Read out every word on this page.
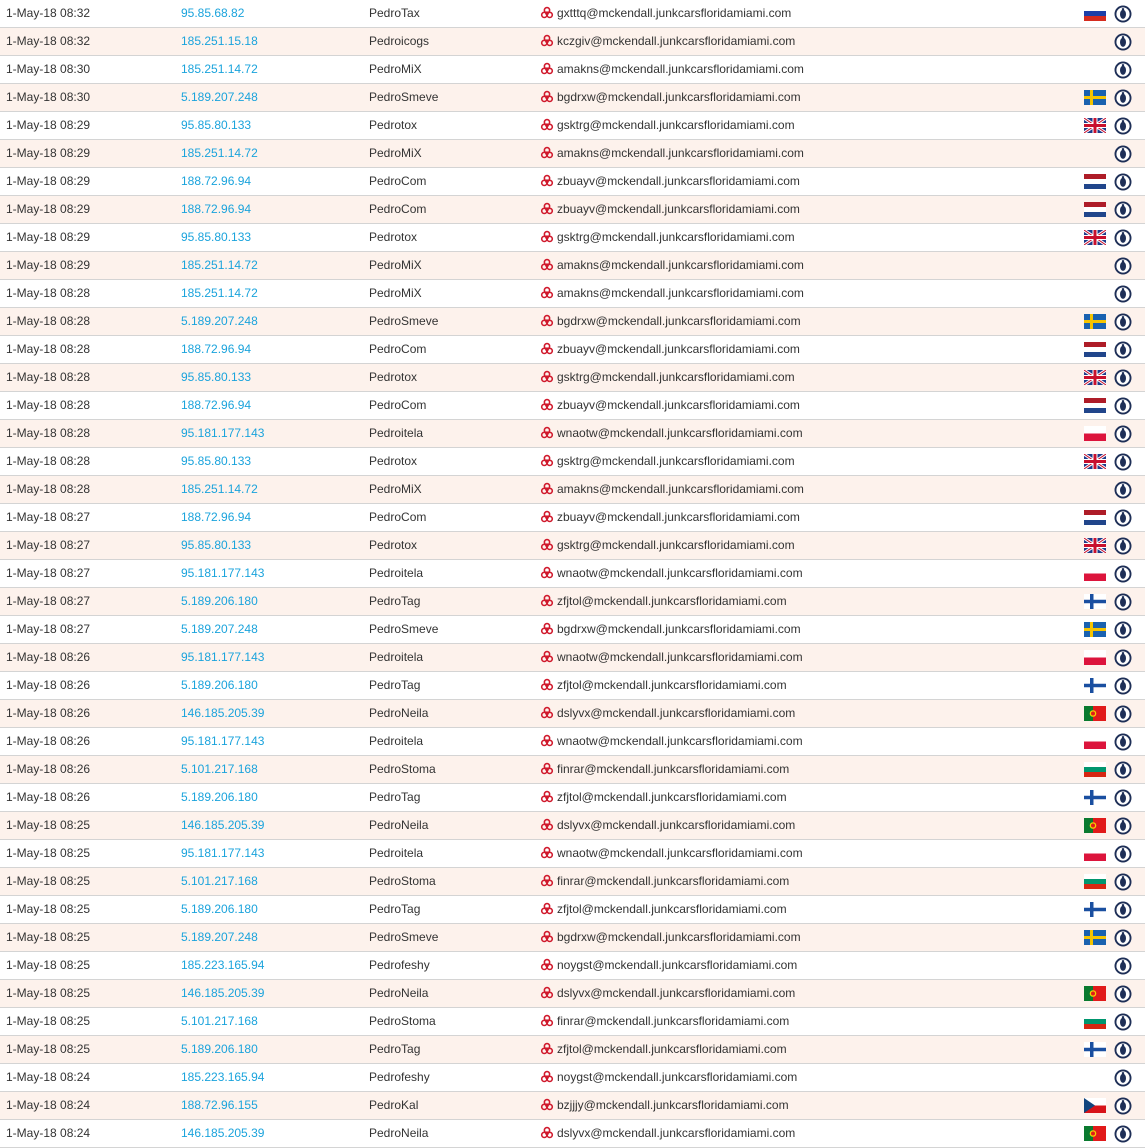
1-May-18 08:32	95.85.68.82	PedroTax	gxtttq@mckendall.junkcarsfloridamiami.com
1-May-18 08:32	185.251.15.18	Pedroicogs	kczgiv@mckendall.junkcarsfloridamiami.com
1-May-18 08:30	185.251.14.72	PedroMiX	amakns@mckendall.junkcarsfloridamiami.com
1-May-18 08:30	5.189.207.248	PedroSmeve	bgdrxw@mckendall.junkcarsfloridamiami.com
1-May-18 08:29	95.85.80.133	Pedrotox	gsktrg@mckendall.junkcarsfloridamiami.com
1-May-18 08:29	185.251.14.72	PedroMiX	amakns@mckendall.junkcarsfloridamiami.com
1-May-18 08:29	188.72.96.94	PedroCom	zbuayv@mckendall.junkcarsfloridamiami.com
1-May-18 08:29	188.72.96.94	PedroCom	zbuayv@mckendall.junkcarsfloridamiami.com
1-May-18 08:29	95.85.80.133	Pedrotox	gsktrg@mckendall.junkcarsfloridamiami.com
1-May-18 08:29	185.251.14.72	PedroMiX	amakns@mckendall.junkcarsfloridamiami.com
1-May-18 08:28	185.251.14.72	PedroMiX	amakns@mckendall.junkcarsfloridamiami.com
1-May-18 08:28	5.189.207.248	PedroSmeve	bgdrxw@mckendall.junkcarsfloridamiami.com
1-May-18 08:28	188.72.96.94	PedroCom	zbuayv@mckendall.junkcarsfloridamiami.com
1-May-18 08:28	95.85.80.133	Pedrotox	gsktrg@mckendall.junkcarsfloridamiami.com
1-May-18 08:28	188.72.96.94	PedroCom	zbuayv@mckendall.junkcarsfloridamiami.com
1-May-18 08:28	95.181.177.143	Pedroitela	wnaotw@mckendall.junkcarsfloridamiami.com
1-May-18 08:28	95.85.80.133	Pedrotox	gsktrg@mckendall.junkcarsfloridamiami.com
1-May-18 08:28	185.251.14.72	PedroMiX	amakns@mckendall.junkcarsfloridamiami.com
1-May-18 08:27	188.72.96.94	PedroCom	zbuayv@mckendall.junkcarsfloridamiami.com
1-May-18 08:27	95.85.80.133	Pedrotox	gsktrg@mckendall.junkcarsfloridamiami.com
1-May-18 08:27	95.181.177.143	Pedroitela	wnaotw@mckendall.junkcarsfloridamiami.com
1-May-18 08:27	5.189.206.180	PedroTag	zfjtol@mckendall.junkcarsfloridamiami.com
1-May-18 08:27	5.189.207.248	PedroSmeve	bgdrxw@mckendall.junkcarsfloridamiami.com
1-May-18 08:26	95.181.177.143	Pedroitela	wnaotw@mckendall.junkcarsfloridamiami.com
1-May-18 08:26	5.189.206.180	PedroTag	zfjtol@mckendall.junkcarsfloridamiami.com
1-May-18 08:26	146.185.205.39	PedroNeila	dslyvx@mckendall.junkcarsfloridamiami.com
1-May-18 08:26	95.181.177.143	Pedroitela	wnaotw@mckendall.junkcarsfloridamiami.com
1-May-18 08:26	5.101.217.168	PedroStoma	finrar@mckendall.junkcarsfloridamiami.com
1-May-18 08:26	5.189.206.180	PedroTag	zfjtol@mckendall.junkcarsfloridamiami.com
1-May-18 08:25	146.185.205.39	PedroNeila	dslyvx@mckendall.junkcarsfloridamiami.com
1-May-18 08:25	95.181.177.143	Pedroitela	wnaotw@mckendall.junkcarsfloridamiami.com
1-May-18 08:25	5.101.217.168	PedroStoma	finrar@mckendall.junkcarsfloridamiami.com
1-May-18 08:25	5.189.206.180	PedroTag	zfjtol@mckendall.junkcarsfloridamiami.com
1-May-18 08:25	5.189.207.248	PedroSmeve	bgdrxw@mckendall.junkcarsfloridamiami.com
1-May-18 08:25	185.223.165.94	Pedrofeshy	noygst@mckendall.junkcarsfloridamiami.com
1-May-18 08:25	146.185.205.39	PedroNeila	dslyvx@mckendall.junkcarsfloridamiami.com
1-May-18 08:25	5.101.217.168	PedroStoma	finrar@mckendall.junkcarsfloridamiami.com
1-May-18 08:25	5.189.206.180	PedroTag	zfjtol@mckendall.junkcarsfloridamiami.com
1-May-18 08:24	185.223.165.94	Pedrofeshy	noygst@mckendall.junkcarsfloridamiami.com
1-May-18 08:24	188.72.96.155	PedroKal	bzjjjy@mckendall.junkcarsfloridamiami.com
1-May-18 08:24	146.185.205.39	PedroNeila	dslyvx@mckendall.junkcarsfloridamiami.com
